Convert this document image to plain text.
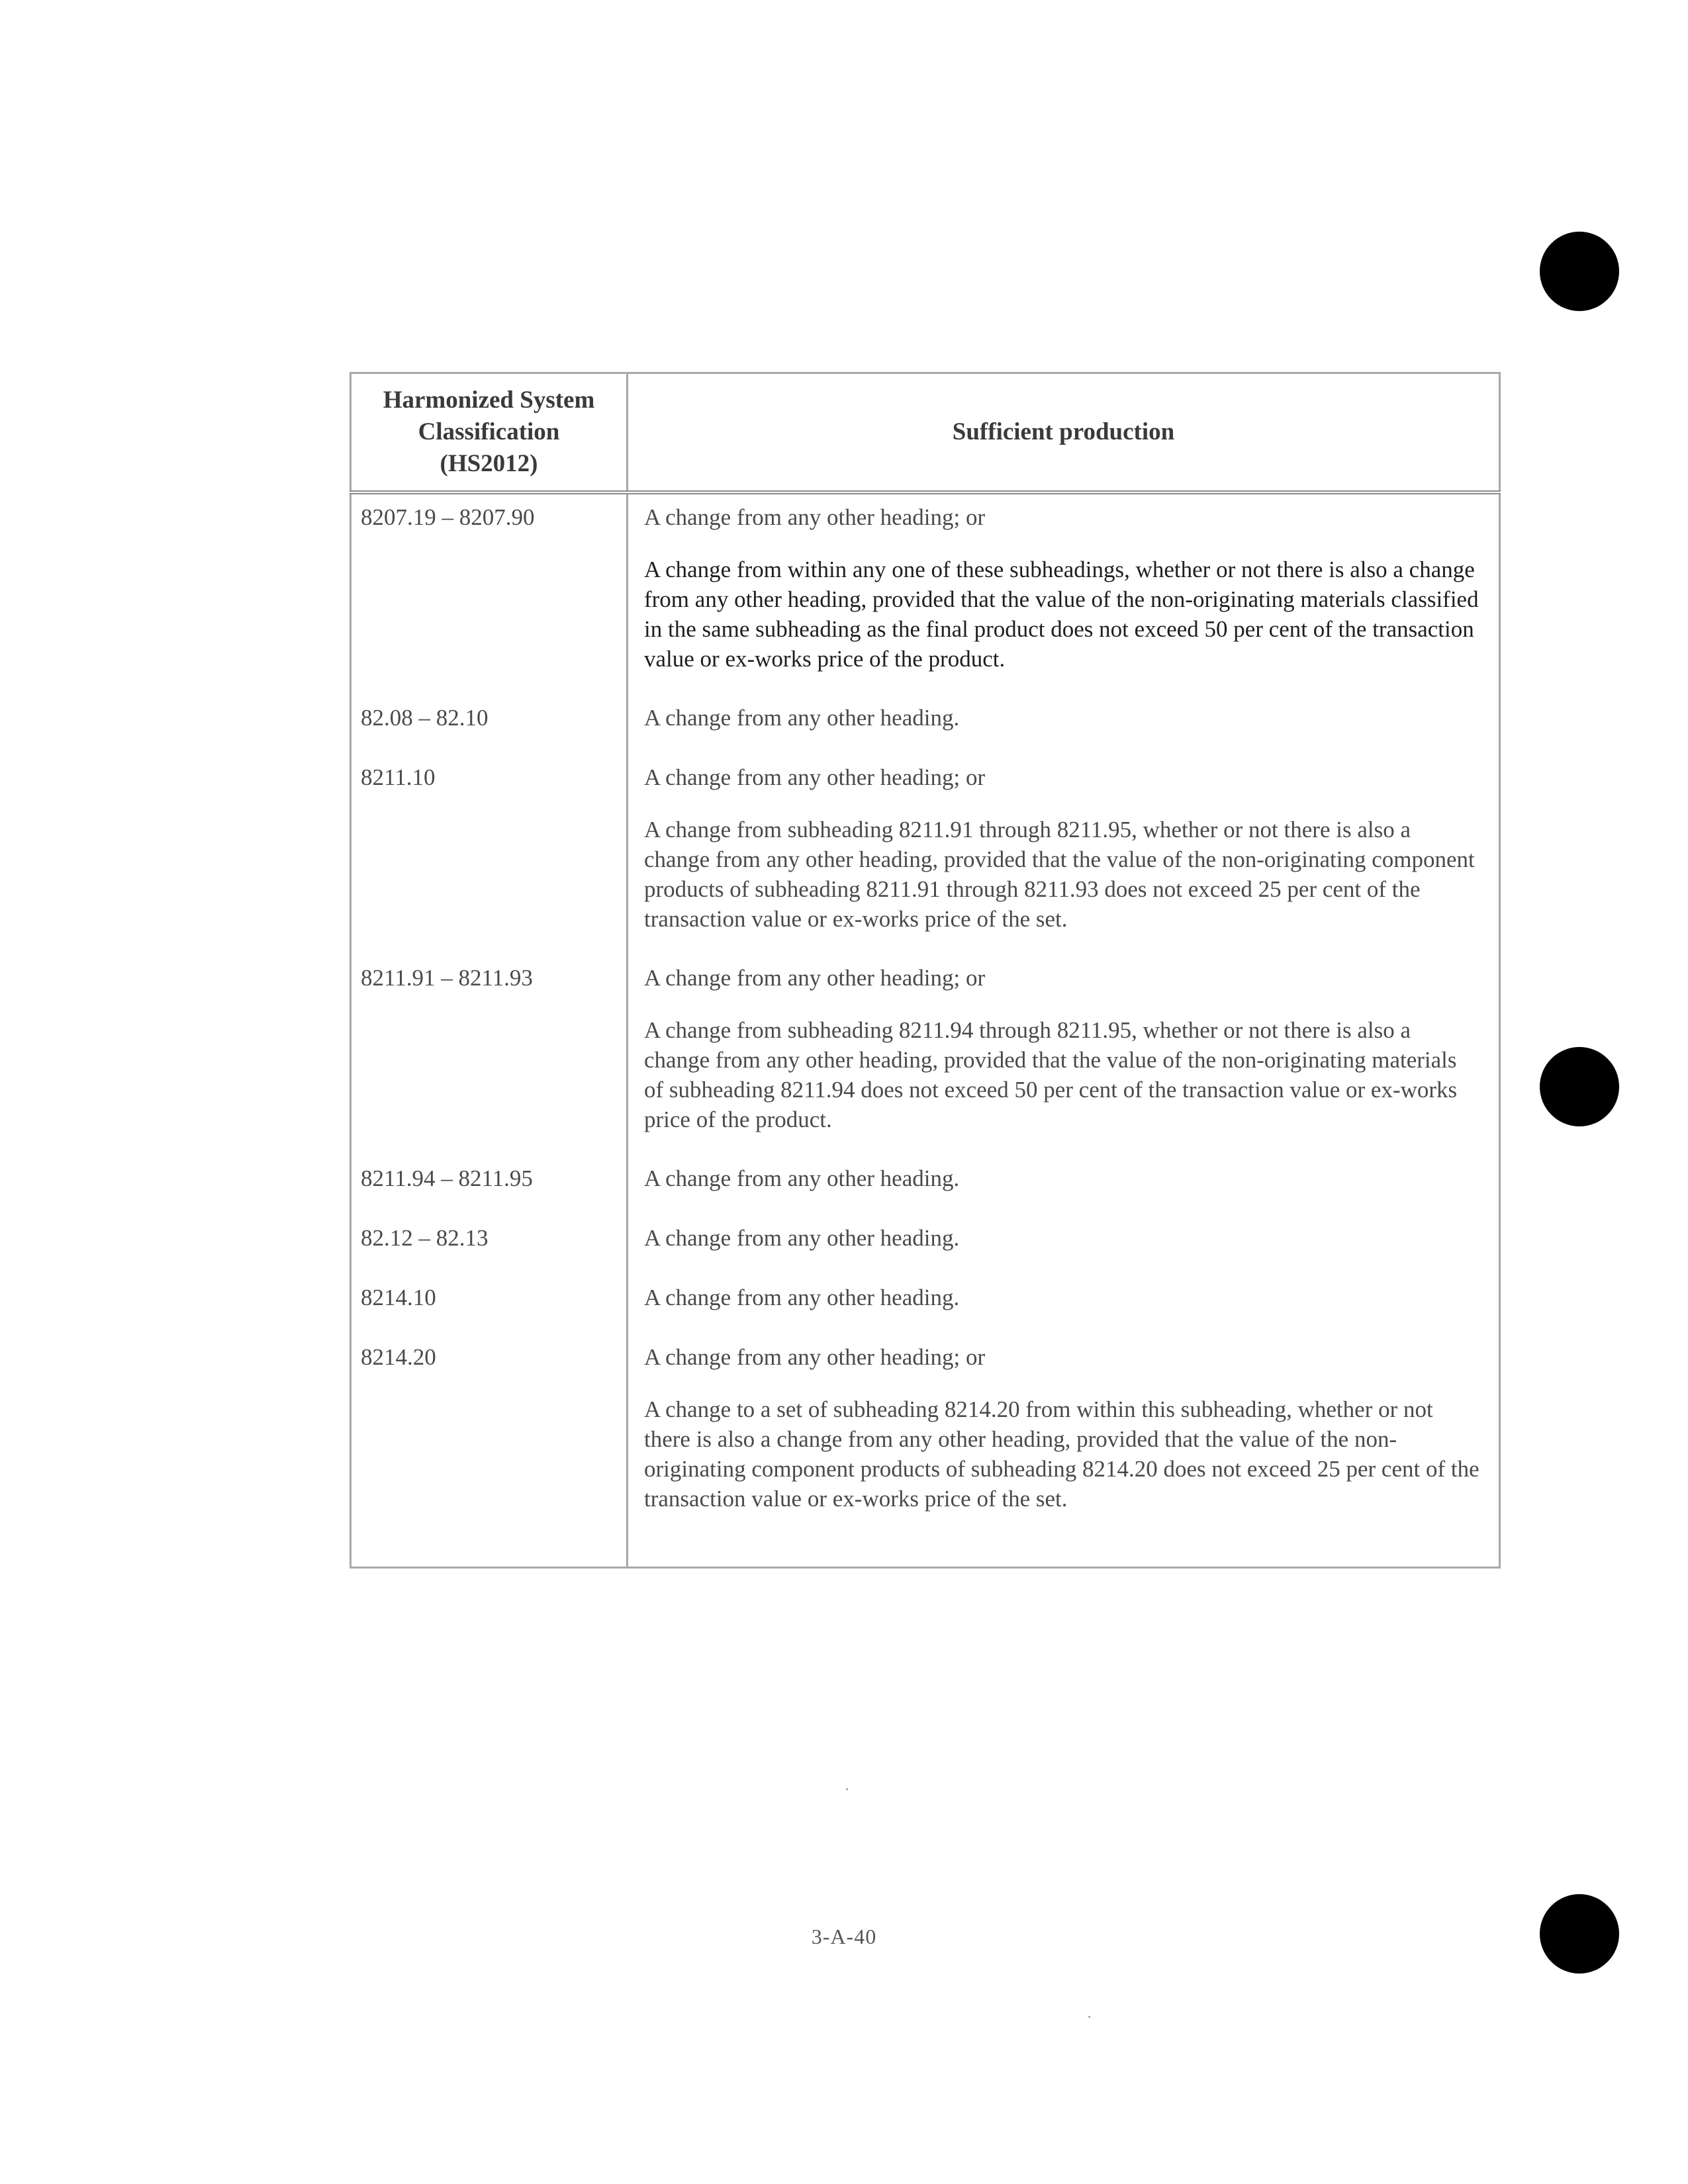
Harmonized System
Classification
(HS2012)	Sufficient production

8207.19 – 8207.90	A change from any other heading; or

A change from within any one of these subheadings, whether or not there is also a change from any other heading, provided that the value of the non-originating materials classified in the same subheading as the final product does not exceed 50 per cent of the transaction value or ex-works price of the product.

82.08 – 82.10	A change from any other heading.

8211.10	A change from any other heading; or

A change from subheading 8211.91 through 8211.95, whether or not there is also a change from any other heading, provided that the value of the non-originating component products of subheading 8211.91 through 8211.93 does not exceed 25 per cent of the transaction value or ex-works price of the set.

8211.91 – 8211.93	A change from any other heading; or

A change from subheading 8211.94 through 8211.95, whether or not there is also a change from any other heading, provided that the value of the non-originating materials of subheading 8211.94 does not exceed 50 per cent of the transaction value or ex-works price of the product.

8211.94 – 8211.95	A change from any other heading.

82.12 – 82.13	A change from any other heading.

8214.10	A change from any other heading.

8214.20	A change from any other heading; or

A change to a set of subheading 8214.20 from within this subheading, whether or not there is also a change from any other heading, provided that the value of the non-originating component products of subheading 8214.20 does not exceed 25 per cent of the transaction value or ex-works price of the set.

3-A-40
